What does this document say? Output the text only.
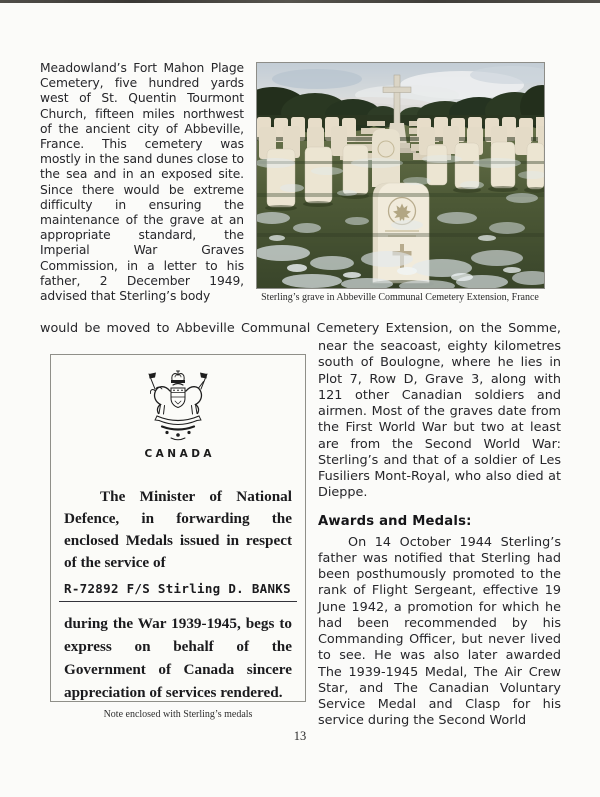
Meadowland’s Fort Mahon Plage Cemetery, five hundred yards west of St. Quentin Tourmont Church, fifteen miles northwest of the ancient city of Abbeville, France. This cemetery was mostly in the sand dunes close to the sea and in an exposed site. Since there would be extreme difficulty in ensuring the maintenance of the grave at an appropriate standard, the Imperial War Graves Commission, in a letter to his father, 2 December 1949, advised that Sterling’s body	Sterling’s grave in Abbeville Communal Cemetery Extension, France

would be moved to Abbeville Communal Cemetery Extension, on the Somme,

CANADA

The Minister of National Defence, in forwarding the enclosed Medals issued in respect of the service of

R-72892 F/S Stirling D. BANKS

during the War 1939-1945, begs to express on behalf of the Government of Canada sincere appreciation of services rendered.

Note enclosed with Sterling’s medals

near the seacoast, eighty kilometres south of Boulogne, where he lies in Plot 7, Row D, Grave 3, along with 121 other Canadian soldiers and airmen. Most of the graves date from the First World War but two at least are from the Second World War: Sterling’s and that of a soldier of Les Fusiliers Mont-Royal, who also died at Dieppe.

Awards and Medals:

On 14 October 1944 Sterling’s father was notified that Sterling had been posthumously promoted to the rank of Flight Sergeant, effective 19 June 1942, a promotion for which he had been recommended by his Commanding Officer, but never lived to see. He was also later awarded The 1939-1945 Medal, The Air Crew Star, and The Canadian Voluntary Service Medal and Clasp for his service during the Second World

13
